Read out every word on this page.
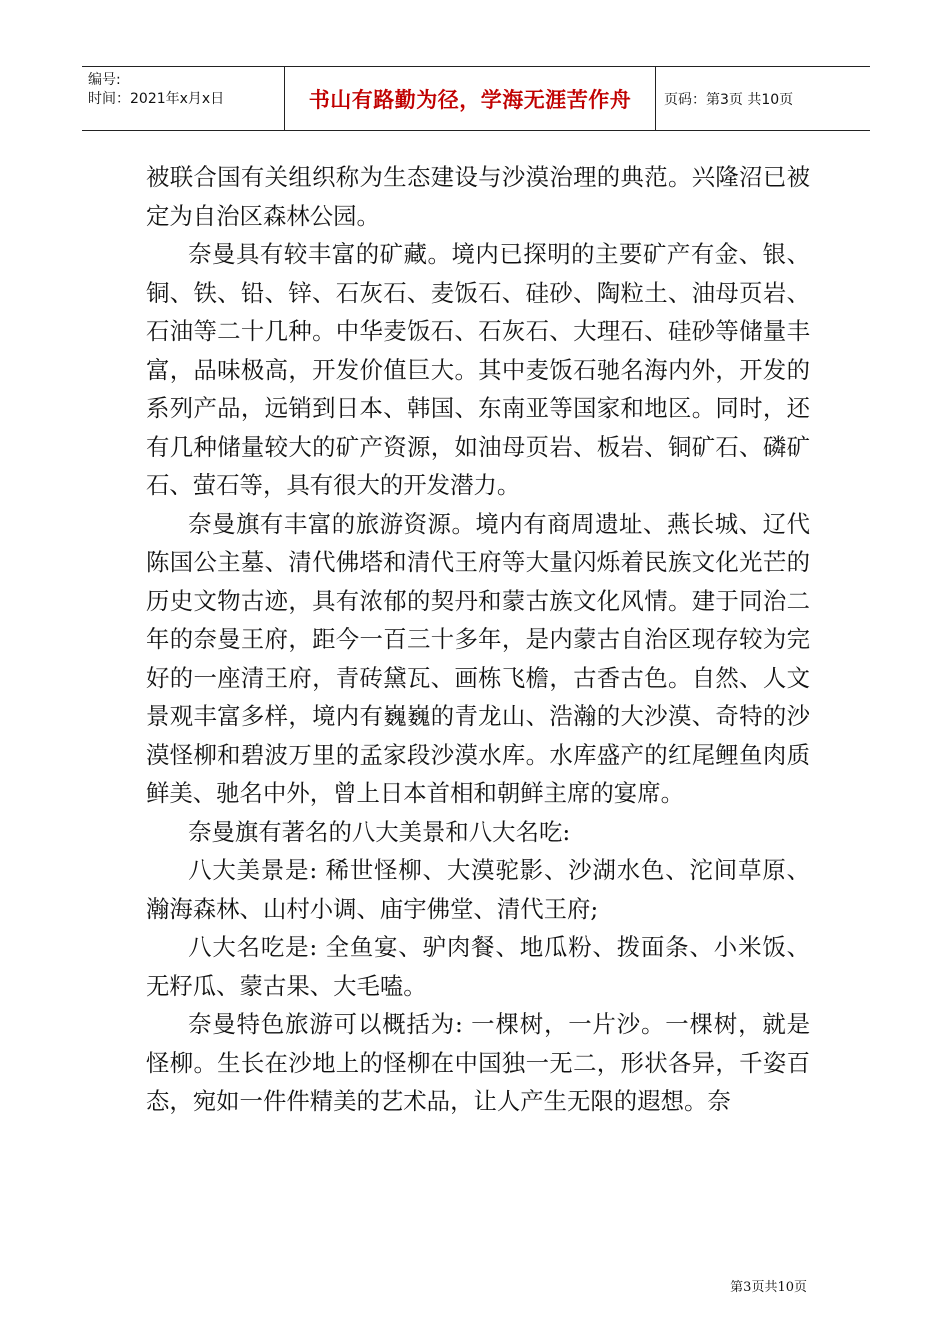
编号:
时间：2021年x月x日	书山有路勤为径，学海无涯苦作舟	页码：第3页 共10页

被联合国有关组织称为生态建设与沙漠治理的典范。兴隆沼已被定为自治区森林公园。

奈曼具有较丰富的矿藏。境内已探明的主要矿产有金、银、铜、铁、铅、锌、石灰石、麦饭石、硅砂、陶粒土、油母页岩、石油等二十几种。中华麦饭石、石灰石、大理石、硅砂等储量丰富，品味极高，开发价值巨大。其中麦饭石驰名海内外，开发的系列产品，远销到日本、韩国、东南亚等国家和地区。同时，还有几种储量较大的矿产资源，如油母页岩、板岩、铜矿石、磷矿石、萤石等，具有很大的开发潜力。

奈曼旗有丰富的旅游资源。境内有商周遗址、燕长城、辽代陈国公主墓、清代佛塔和清代王府等大量闪烁着民族文化光芒的历史文物古迹，具有浓郁的契丹和蒙古族文化风情。建于同治二年的奈曼王府，距今一百三十多年，是内蒙古自治区现存较为完好的一座清王府，青砖黛瓦、画栋飞檐，古香古色。自然、人文景观丰富多样，境内有巍巍的青龙山、浩瀚的大沙漠、奇特的沙漠怪柳和碧波万里的孟家段沙漠水库。水库盛产的红尾鲤鱼肉质鲜美、驰名中外，曾上日本首相和朝鲜主席的宴席。

奈曼旗有著名的八大美景和八大名吃:

八大美景是: 稀世怪柳、大漠驼影、沙湖水色、沱间草原、瀚海森林、山村小调、庙宇佛堂、清代王府;

八大名吃是: 全鱼宴、驴肉餐、地瓜粉、拨面条、小米饭、无籽瓜、蒙古果、大毛嗑。

奈曼特色旅游可以概括为: 一棵树，一片沙。一棵树，就是怪柳。生长在沙地上的怪柳在中国独一无二，形状各异，千姿百态，宛如一件件精美的艺术品，让人产生无限的遐想。奈

第3页共10页
